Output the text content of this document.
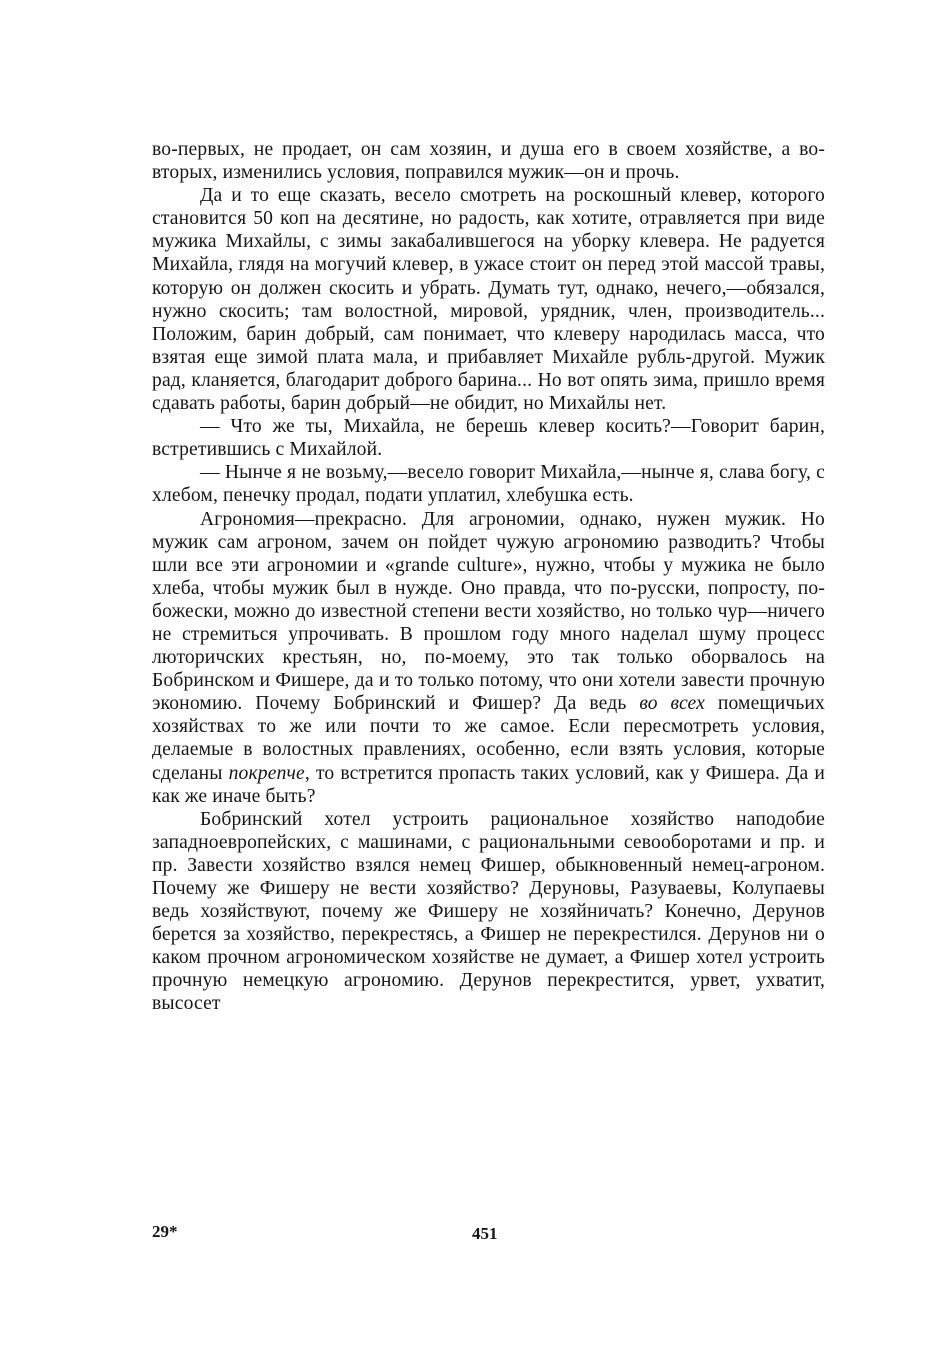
во-первых, не продает, он сам хозяин, и душа его в своем хозяйстве, а во-вторых, изменились условия, поправился мужик—он и прочь.

Да и то еще сказать, весело смотреть на роскошный клевер, которого становится 50 коп на десятине, но радость, как хотите, отравляется при виде мужика Михайлы, с зимы закабалившегося на уборку клевера. Не радуется Михайла, глядя на могучий клевер, в ужасе стоит он перед этой массой травы, которую он должен скосить и убрать. Думать тут, однако, нечего,—обязался, нужно скосить; там волостной, мировой, урядник, член, производитель... Положим, барин добрый, сам понимает, что клеверу народилась масса, что взятая еще зимой плата мала, и прибавляет Михайле рубль-другой. Мужик рад, кланяется, благодарит доброго барина... Но вот опять зима, пришло время сдавать работы, барин добрый—не обидит, но Михайлы нет.

— Что же ты, Михайла, не берешь клевер косить?—Говорит барин, встретившись с Михайлой.

— Нынче я не возьму,—весело говорит Михайла,—нынче я, слава богу, с хлебом, пенечку продал, подати уплатил, хлебушка есть.

Агрономия—прекрасно. Для агрономии, однако, нужен мужик. Но мужик сам агроном, зачем он пойдет чужую агрономию разводить? Чтобы шли все эти агрономии и «grande culture», нужно, чтобы у мужика не было хлеба, чтобы мужик был в нужде. Оно правда, что по-русски, попросту, по-божески, можно до известной степени вести хозяйство, но только чур—ничего не стремиться упрочивать. В прошлом году много наделал шуму процесс люторичских крестьян, но, по-моему, это так только оборвалось на Бобринском и Фишере, да и то только потому, что они хотели завести прочную экономию. Почему Бобринский и Фишер? Да ведь во всех помещичьих хозяйствах то же или почти то же самое. Если пересмотреть условия, делаемые в волостных правлениях, особенно, если взять условия, которые сделаны покрепче, то встретится пропасть таких условий, как у Фишера. Да и как же иначе быть?

Бобринский хотел устроить рациональное хозяйство наподобие западноевропейских, с машинами, с рациональными севооборотами и пр. и пр. Завести хозяйство взялся немец Фишер, обыкновенный немец-агроном. Почему же Фишеру не вести хозяйство? Деруновы, Разуваевы, Колупаевы ведь хозяйствуют, почему же Фишеру не хозяйничать? Конечно, Дерунов берется за хозяйство, перекрестясь, а Фишер не перекрестился. Дерунов ни о каком прочном агрономическом хозяйстве не думает, а Фишер хотел устроить прочную немецкую агрономию. Дерунов перекрестится, урвет, ухватит, высосет

29*	451
